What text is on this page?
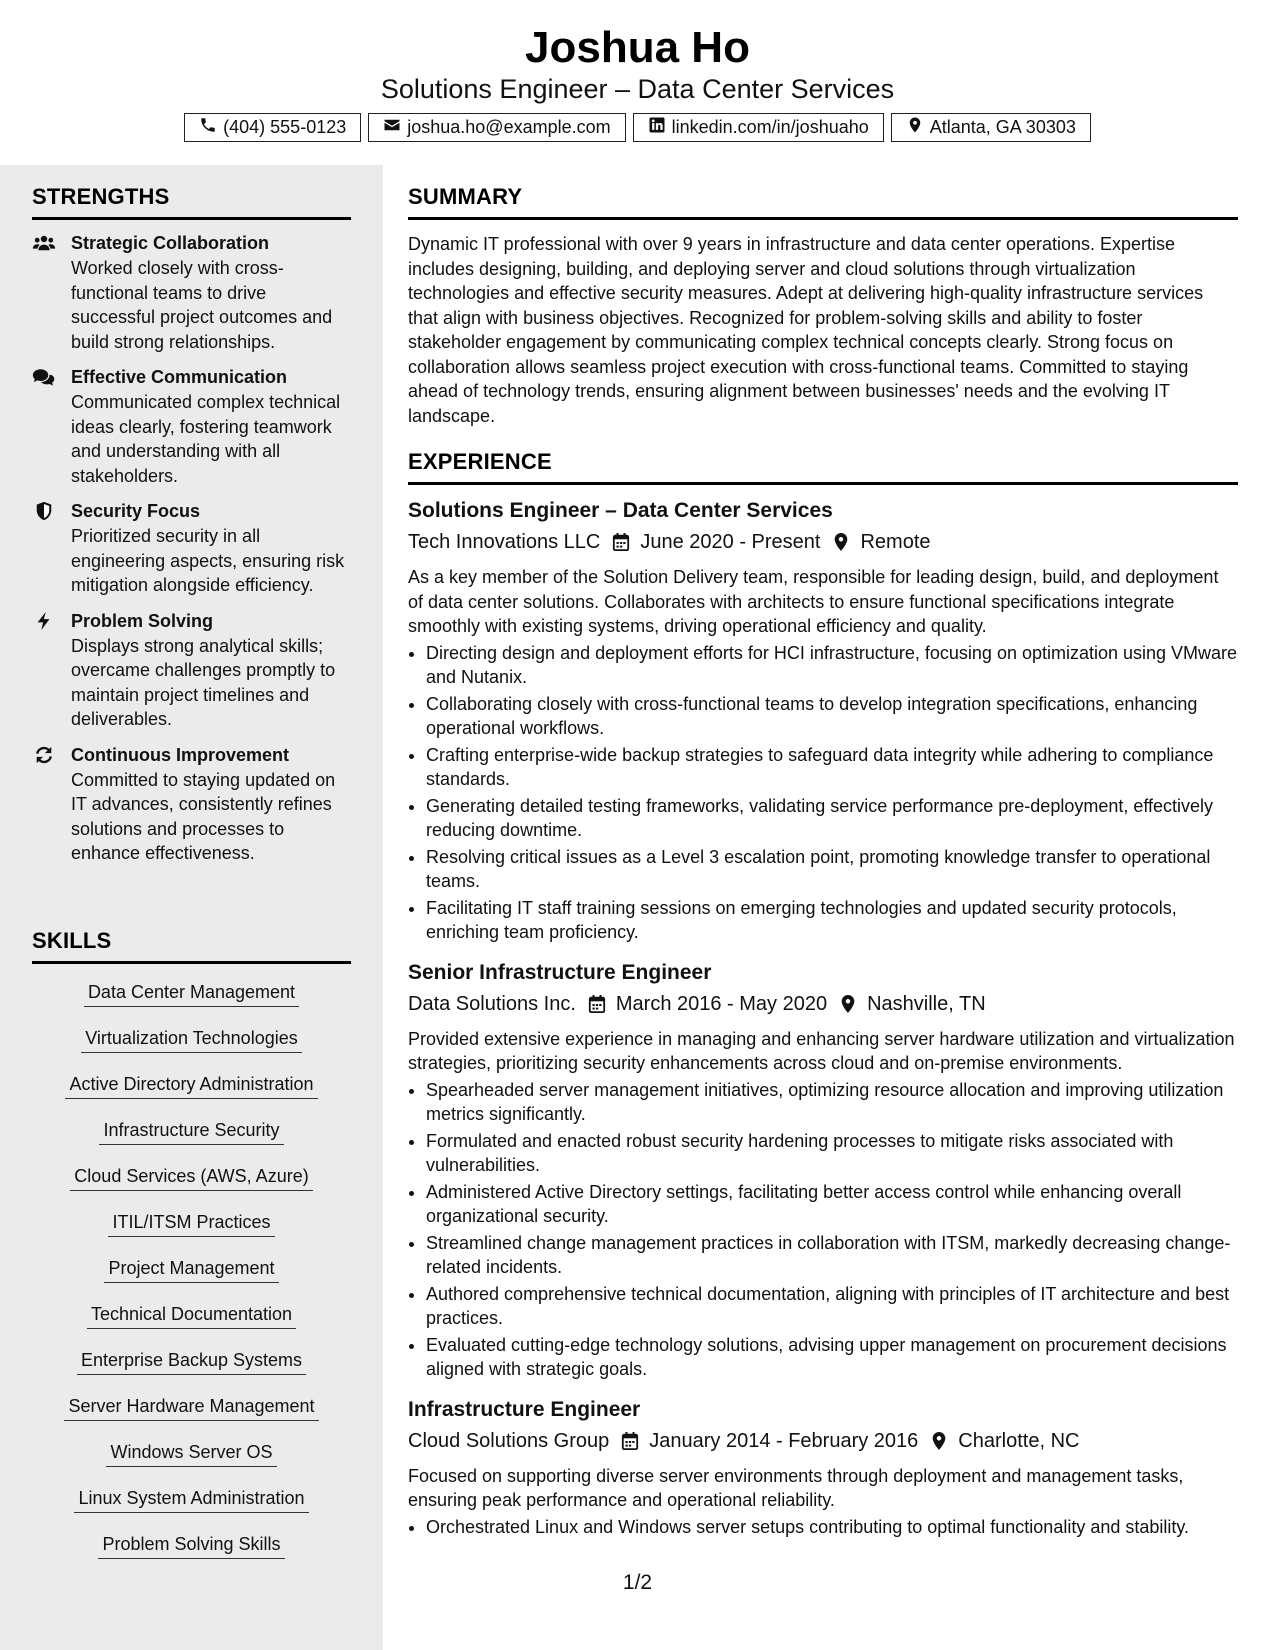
Joshua Ho
Solutions Engineer – Data Center Services
(404) 555-0123	joshua.ho@example.com	linkedin.com/in/joshuaho	Atlanta, GA 30303
STRENGTHS
Strategic Collaboration
Worked closely with cross-functional teams to drive successful project outcomes and build strong relationships.
Effective Communication
Communicated complex technical ideas clearly, fostering teamwork and understanding with all stakeholders.
Security Focus
Prioritized security in all engineering aspects, ensuring risk mitigation alongside efficiency.
Problem Solving
Displays strong analytical skills; overcame challenges promptly to maintain project timelines and deliverables.
Continuous Improvement
Committed to staying updated on IT advances, consistently refines solutions and processes to enhance effectiveness.
SKILLS
Data Center Management
Virtualization Technologies
Active Directory Administration
Infrastructure Security
Cloud Services (AWS, Azure)
ITIL/ITSM Practices
Project Management
Technical Documentation
Enterprise Backup Systems
Server Hardware Management
Windows Server OS
Linux System Administration
Problem Solving Skills
SUMMARY

Dynamic IT professional with over 9 years in infrastructure and data center operations. Expertise includes designing, building, and deploying server and cloud solutions through virtualization technologies and effective security measures. Adept at delivering high-quality infrastructure services that align with business objectives. Recognized for problem-solving skills and ability to foster stakeholder engagement by communicating complex technical concepts clearly. Strong focus on collaboration allows seamless project execution with cross-functional teams. Committed to staying ahead of technology trends, ensuring alignment between businesses' needs and the evolving IT landscape.

EXPERIENCE
Solutions Engineer – Data Center Services
Tech Innovations LLC June 2020 - Present Remote
As a key member of the Solution Delivery team, responsible for leading design, build, and deployment of data center solutions. Collaborates with architects to ensure functional specifications integrate smoothly with existing systems, driving operational efficiency and quality.
• Directing design and deployment efforts for HCI infrastructure, focusing on optimization using VMware and Nutanix.
• Collaborating closely with cross-functional teams to develop integration specifications, enhancing operational workflows.
• Crafting enterprise-wide backup strategies to safeguard data integrity while adhering to compliance standards.
• Generating detailed testing frameworks, validating service performance pre-deployment, effectively reducing downtime.
• Resolving critical issues as a Level 3 escalation point, promoting knowledge transfer to operational teams.
• Facilitating IT staff training sessions on emerging technologies and updated security protocols, enriching team proficiency.
Senior Infrastructure Engineer
Data Solutions Inc. March 2016 - May 2020 Nashville, TN
Provided extensive experience in managing and enhancing server hardware utilization and virtualization strategies, prioritizing security enhancements across cloud and on-premise environments.
• Spearheaded server management initiatives, optimizing resource allocation and improving utilization metrics significantly.
• Formulated and enacted robust security hardening processes to mitigate risks associated with vulnerabilities.
• Administered Active Directory settings, facilitating better access control while enhancing overall organizational security.
• Streamlined change management practices in collaboration with ITSM, markedly decreasing change-related incidents.
• Authored comprehensive technical documentation, aligning with principles of IT architecture and best practices.
• Evaluated cutting-edge technology solutions, advising upper management on procurement decisions aligned with strategic goals.
Infrastructure Engineer
Cloud Solutions Group January 2014 - February 2016 Charlotte, NC
Focused on supporting diverse server environments through deployment and management tasks, ensuring peak performance and operational reliability.
• Orchestrated Linux and Windows server setups contributing to optimal functionality and stability.
1/2
